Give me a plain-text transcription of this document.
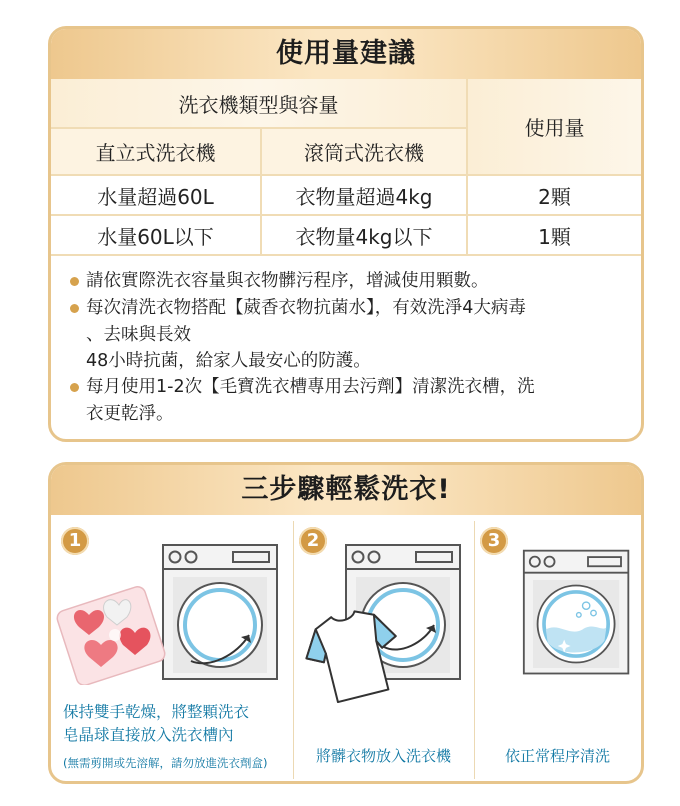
使用量建議
洗衣機類型與容量		使用量
直立式洗衣機	滾筒式洗衣機	
水量超過60L	衣物量超過4kg	2顆
水量60L以下	衣物量4kg以下	1顆
請依實際洗衣容量與衣物髒污程序，增減使用顆數。
每次清洗衣物搭配【葳香衣物抗菌水】，有效洗淨4大病毒
、去味與長效
48小時抗菌，給家人最安心的防護。
每月使用1-2次【毛寶洗衣槽專用去污劑】清潔洗衣槽，洗
衣更乾淨。
三步驟輕鬆洗衣!
1
保持雙手乾燥，將整顆洗衣
皂晶球直接放入洗衣槽內
(無需剪開或先溶解，請勿放進洗衣劑盒)
2
將髒衣物放入洗衣機
3
依正常程序清洗
